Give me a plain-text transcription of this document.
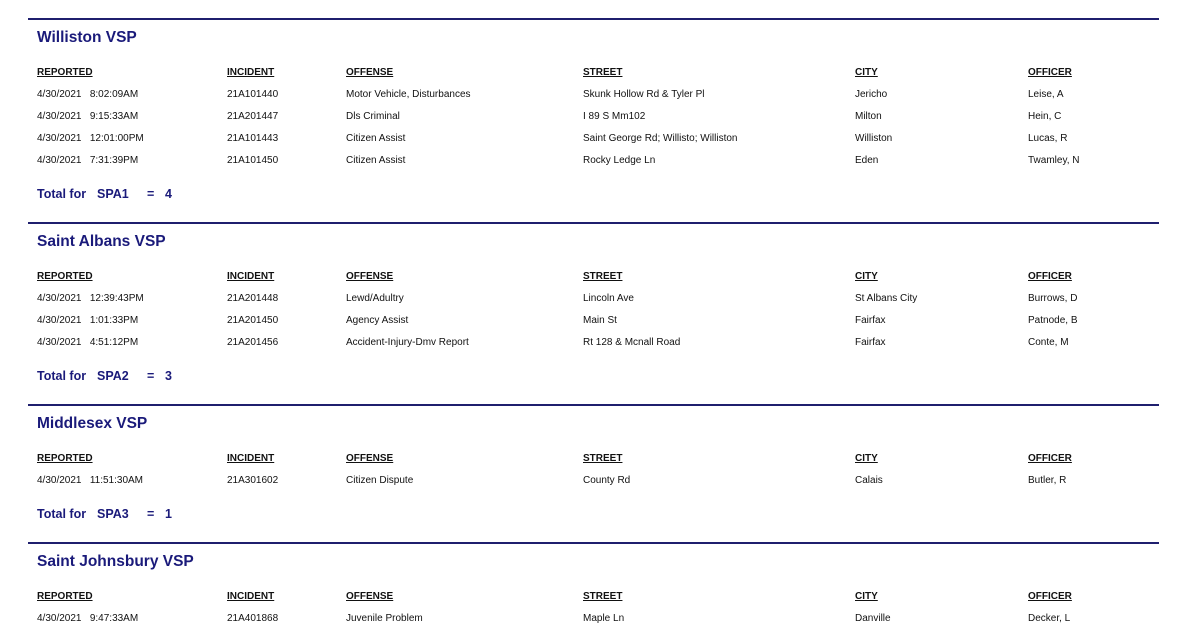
Williston VSP
REPORTED	INCIDENT	OFFENSE	STREET	CITY	OFFICER
4/30/2021   8:02:09AM	21A101440	Motor Vehicle, Disturbances	Skunk Hollow Rd & Tyler Pl	Jericho	Leise, A
4/30/2021   9:15:33AM	21A201447	Dls Criminal	I 89 S Mm102	Milton	Hein, C
4/30/2021   12:01:00PM	21A101443	Citizen Assist	Saint George Rd; Willisto; Williston	Williston	Lucas, R
4/30/2021   7:31:39PM	21A101450	Citizen Assist	Rocky Ledge Ln	Eden	Twamley, N
Total for SPA1 = 4
Saint Albans VSP
REPORTED	INCIDENT	OFFENSE	STREET	CITY	OFFICER
4/30/2021   12:39:43PM	21A201448	Lewd/Adultry	Lincoln Ave	St Albans City	Burrows, D
4/30/2021   1:01:33PM	21A201450	Agency Assist	Main St	Fairfax	Patnode, B
4/30/2021   4:51:12PM	21A201456	Accident-Injury-Dmv Report	Rt 128 & Mcnall Road	Fairfax	Conte, M
Total for SPA2 = 3
Middlesex VSP
REPORTED	INCIDENT	OFFENSE	STREET	CITY	OFFICER
4/30/2021   11:51:30AM	21A301602	Citizen Dispute	County Rd	Calais	Butler, R
Total for SPA3 = 1
Saint Johnsbury VSP
REPORTED	INCIDENT	OFFENSE	STREET	CITY	OFFICER
4/30/2021   9:47:33AM	21A401868	Juvenile Problem	Maple Ln	Danville	Decker, L
